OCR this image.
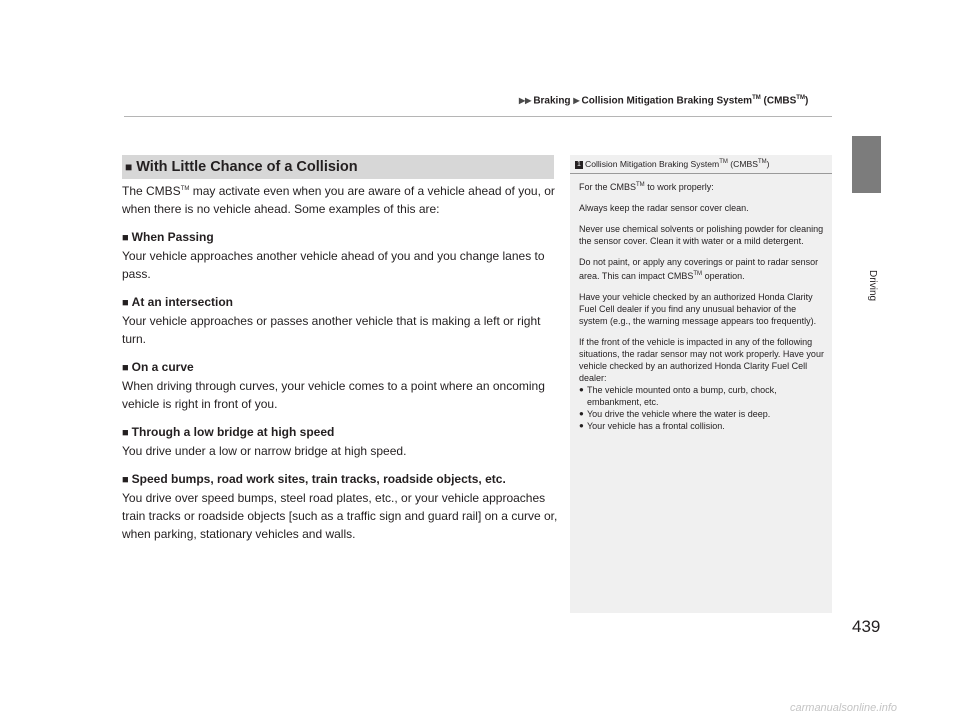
▶▶ Braking ▶ Collision Mitigation Braking System™ (CMBS™)
Driving
■ With Little Chance of a Collision

The CMBS™ may activate even when you are aware of a vehicle ahead of you, or when there is no vehicle ahead. Some examples of this are:

■ When Passing

Your vehicle approaches another vehicle ahead of you and you change lanes to pass.

■ At an intersection

Your vehicle approaches or passes another vehicle that is making a left or right turn.

■ On a curve

When driving through curves, your vehicle comes to a point where an oncoming vehicle is right in front of you.

■ Through a low bridge at high speed

You drive under a low or narrow bridge at high speed.

■ Speed bumps, road work sites, train tracks, roadside objects, etc.

You drive over speed bumps, steel road plates, etc., or your vehicle approaches train tracks or roadside objects [such as a traffic sign and guard rail] on a curve or, when parking, stationary vehicles and walls.

1 Collision Mitigation Braking System™ (CMBS™)

For the CMBS™ to work properly:

Always keep the radar sensor cover clean.

Never use chemical solvents or polishing powder for cleaning the sensor cover. Clean it with water or a mild detergent.

Do not paint, or apply any coverings or paint to radar sensor area. This can impact CMBS™ operation.

Have your vehicle checked by an authorized Honda Clarity Fuel Cell dealer if you find any unusual behavior of the system (e.g., the warning message appears too frequently).

If the front of the vehicle is impacted in any of the following situations, the radar sensor may not work properly. Have your vehicle checked by an authorized Honda Clarity Fuel Cell dealer:

● The vehicle mounted onto a bump, curb, chock, embankment, etc.
● You drive the vehicle where the water is deep.
● Your vehicle has a frontal collision.
439
carmanualsonline.info
